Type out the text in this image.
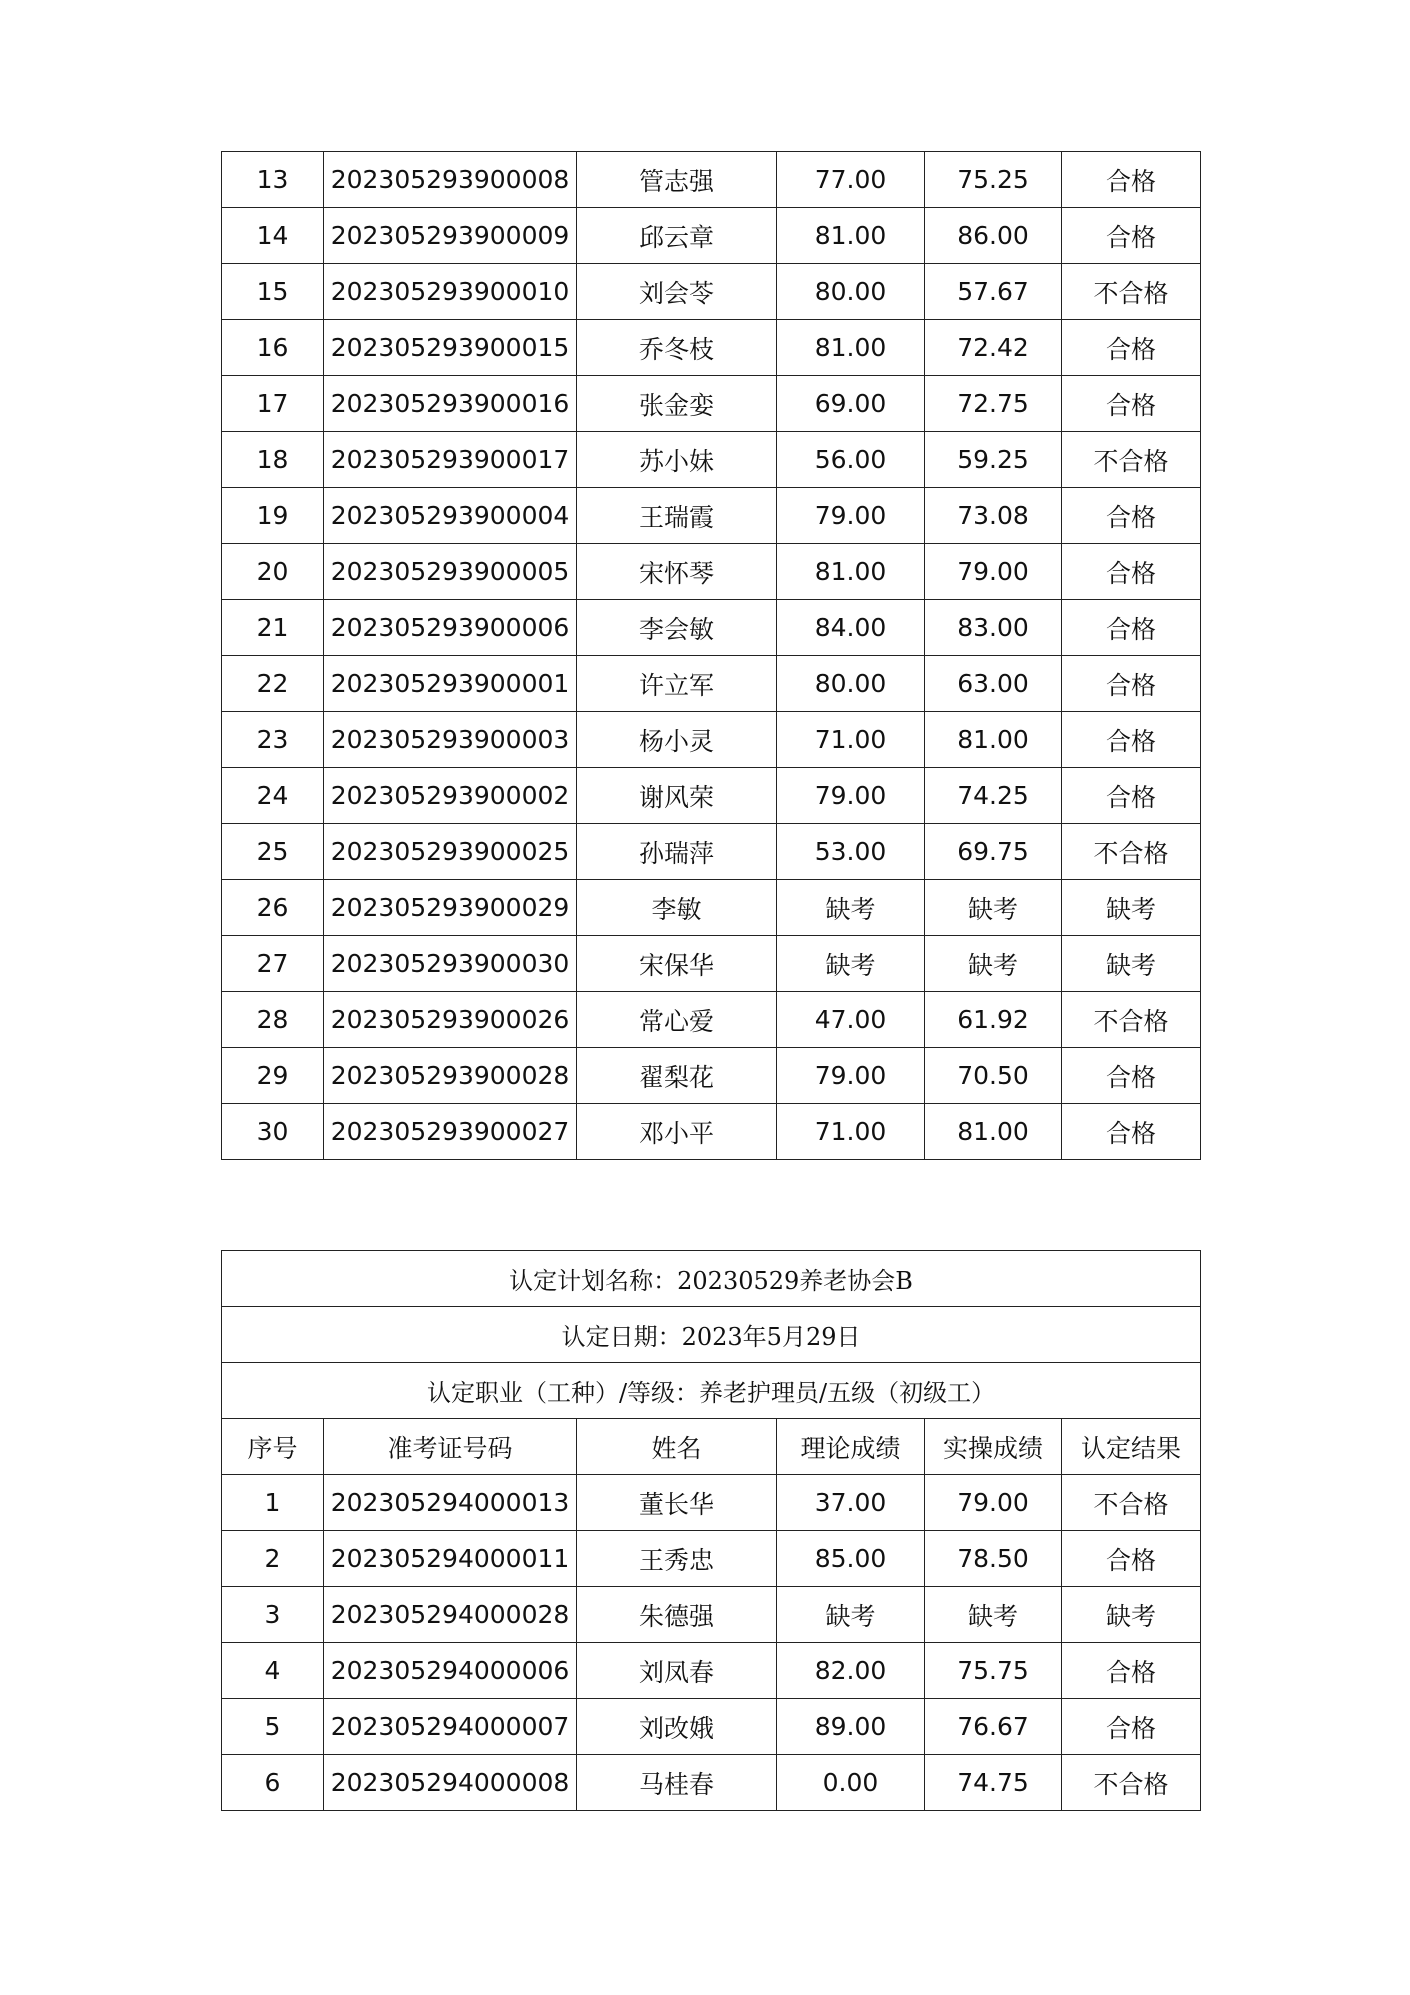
13	202305293900008	管志强	77.00	75.25	合格
14	202305293900009	邱云章	81.00	86.00	合格
15	202305293900010	刘会苓	80.00	57.67	不合格
16	202305293900015	乔冬枝	81.00	72.42	合格
17	202305293900016	张金娈	69.00	72.75	合格
18	202305293900017	苏小妹	56.00	59.25	不合格
19	202305293900004	王瑞霞	79.00	73.08	合格
20	202305293900005	宋怀琴	81.00	79.00	合格
21	202305293900006	李会敏	84.00	83.00	合格
22	202305293900001	许立军	80.00	63.00	合格
23	202305293900003	杨小灵	71.00	81.00	合格
24	202305293900002	谢风荣	79.00	74.25	合格
25	202305293900025	孙瑞萍	53.00	69.75	不合格
26	202305293900029	李敏	缺考	缺考	缺考
27	202305293900030	宋保华	缺考	缺考	缺考
28	202305293900026	常心爱	47.00	61.92	不合格
29	202305293900028	翟梨花	79.00	70.50	合格
30	202305293900027	邓小平	71.00	81.00	合格
认定计划名称：20230529养老协会B					
认定日期：2023年5月29日					
认定职业（工种）/等级：养老护理员/五级（初级工）					
序号	准考证号码	姓名	理论成绩	实操成绩	认定结果
1	202305294000013	董长华	37.00	79.00	不合格
2	202305294000011	王秀忠	85.00	78.50	合格
3	202305294000028	朱德强	缺考	缺考	缺考
4	202305294000006	刘凤春	82.00	75.75	合格
5	202305294000007	刘改娥	89.00	76.67	合格
6	202305294000008	马桂春	0.00	74.75	不合格
